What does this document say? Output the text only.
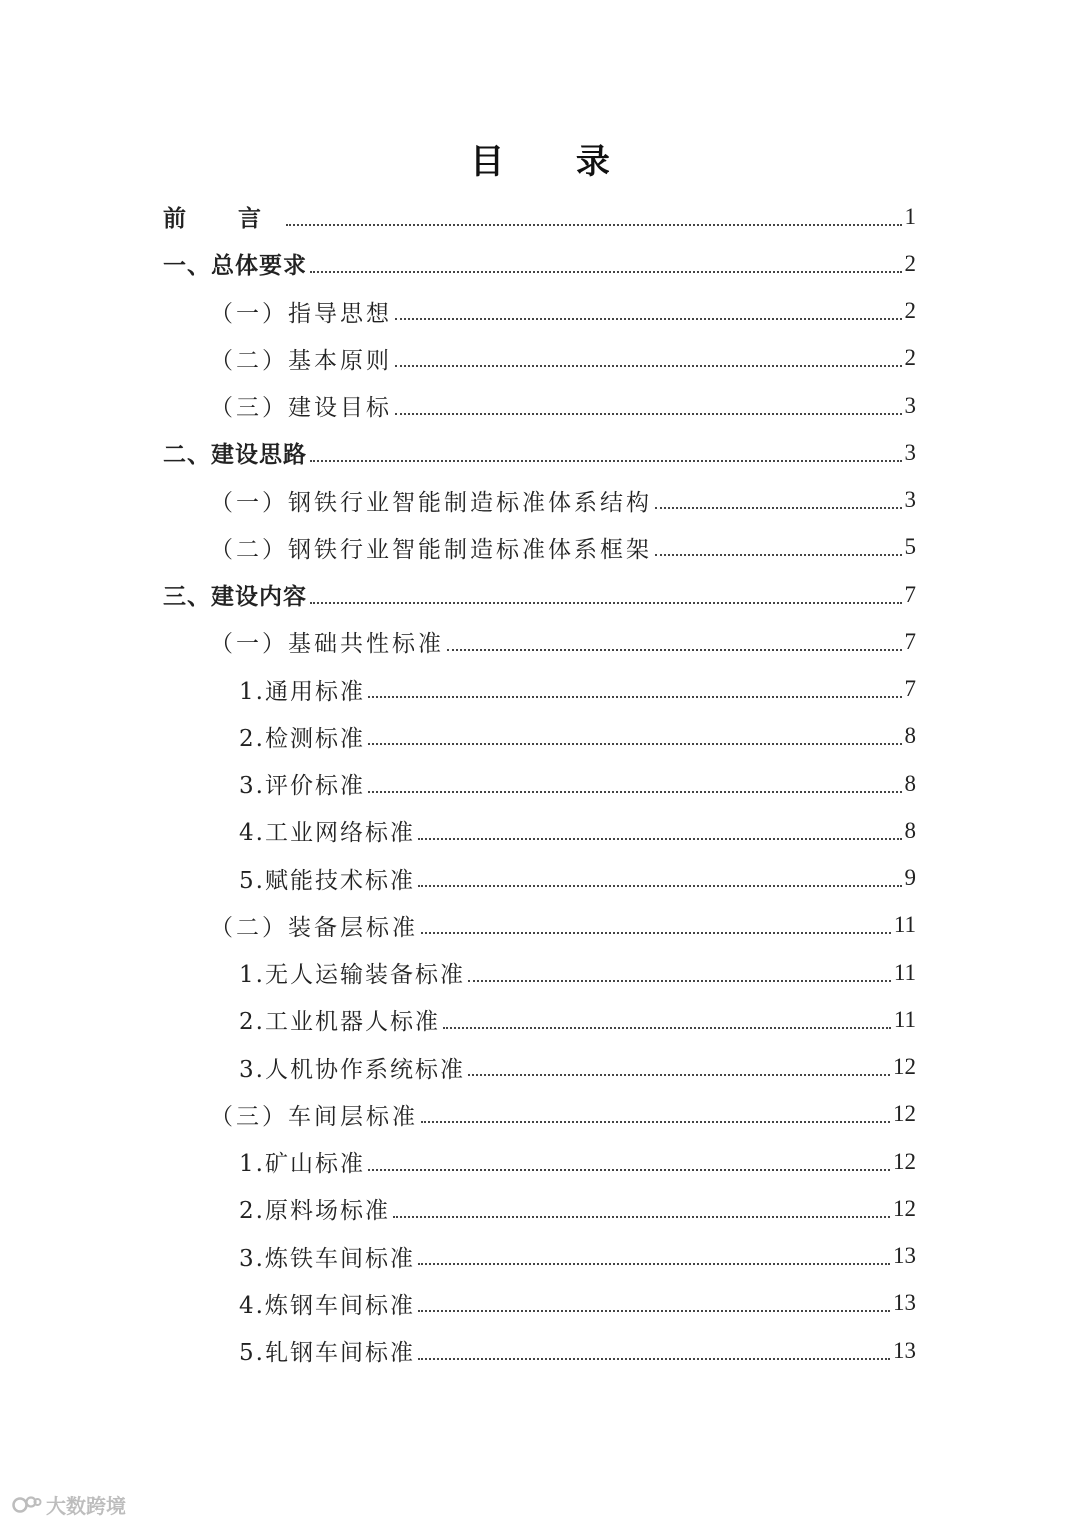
目 录
前 言	1
一、总体要求	2
（一）指导思想	2
（二）基本原则	2
（三）建设目标	3
二、建设思路	3
（一）钢铁行业智能制造标准体系结构	3
（二）钢铁行业智能制造标准体系框架	5
三、建设内容	7
（一）基础共性标准	7
1.通用标准	7
2.检测标准	8
3.评价标准	8
4.工业网络标准	8
5.赋能技术标准	9
（二）装备层标准	11
1.无人运输装备标准	11
2.工业机器人标准	11
3.人机协作系统标准	12
（三）车间层标准	12
1.矿山标准	12
2.原料场标准	12
3.炼铁车间标准	13
4.炼钢车间标准	13
5.轧钢车间标准	13
大数跨境
